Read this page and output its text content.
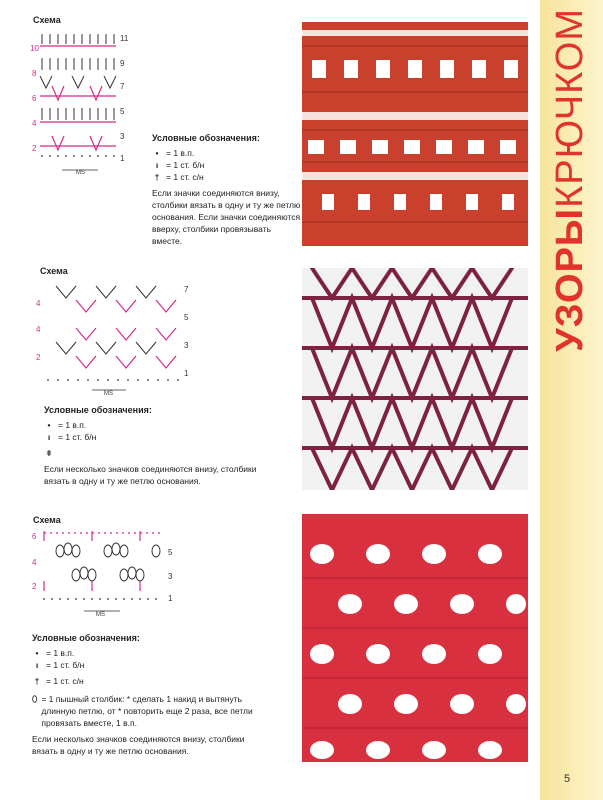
УЗОРЫКРЮЧКОМ
5
Схема
10
8
6
4
2
11
9
7
5
3
1
MS
Условные обозначения:
• = 1 в.п.
ı = 1 ст. б/н
† = 1 ст. с/н

Если значки соединяются внизу, столбики вязать в одну и ту же петлю основания. Если значки соединяются вверху, столбики провязывать вместе.

Схема
4
4
2
7
5
3
1
MS
Условные обозначения:
• = 1 в.п.
ı = 1 ст. б/н
ǂ

Если несколько значков соединяются внизу, столбики вязать в одну и ту же петлю основания.

Схема
6
4
2
5
3
1
MS
Условные обозначения:
• = 1 в.п.
ı = 1 ст. б/н
† = 1 ст. с/н
⬯ = 1 пышный столбик: * сделать 1 накид и вытянуть длинную петлю, от * повторить еще 2 раза, все петли провязать вместе, 1 в.п.

Если несколько значков соединяются внизу, столбики вязать в одну и ту же петлю основания.
